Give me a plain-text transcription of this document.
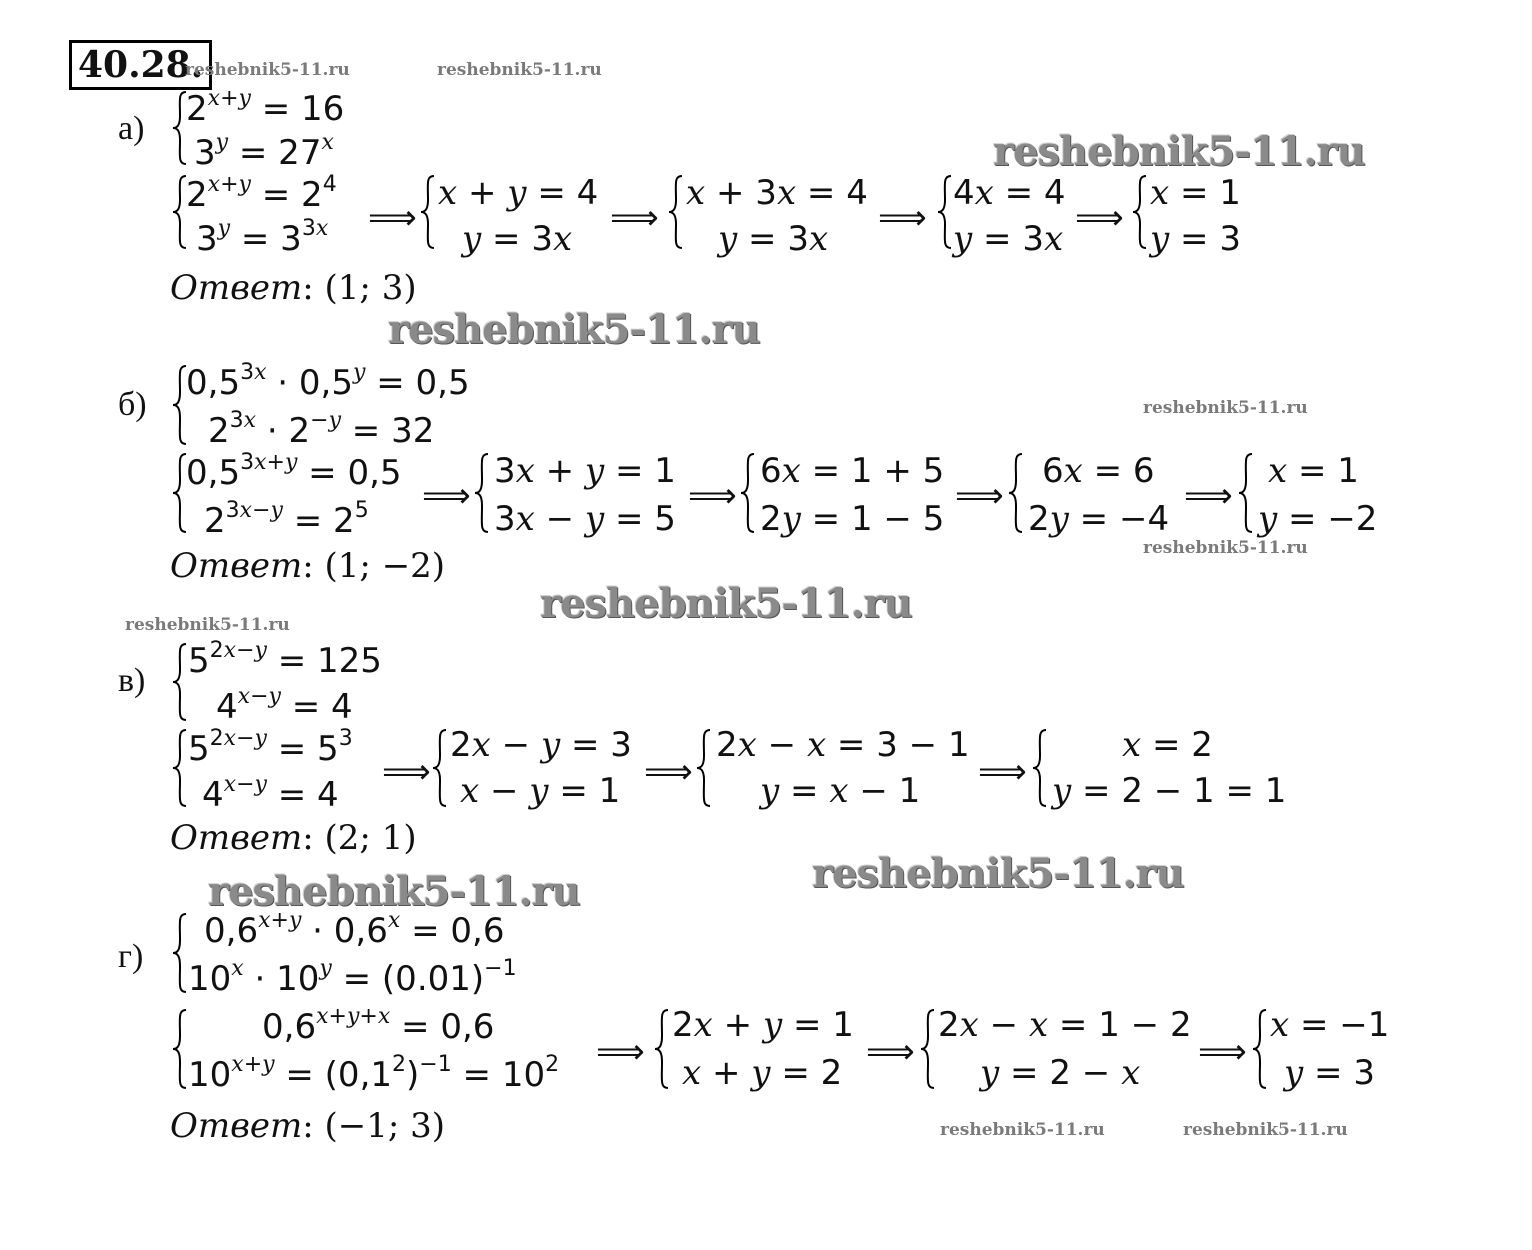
40.28.
reshebnik5-11.ru	reshebnik5-11.ru
reshebnik5-11.ru
reshebnik5-11.ru
reshebnik5-11.ru
reshebnik5-11.ru
reshebnik5-11.ru
reshebnik5-11.ru
reshebnik5-11.ru
reshebnik5-11.ru
reshebnik5-11.ru	reshebnik5-11.ru
а) $2^{x+y} = 16$
$3^y = 27^x$
$2^{x+y} = 2^4$
$3^y = 3^{3x}$ ⟹
x + y = 4
y = 3x
⟹
x + 3x = 4
y = 3x
⟹
4x = 4
y = 3x
⟹
x = 1
y = 3
Ответ: (1; 3)
б)
$0,5^{3x} \cdot 0,5^y = 0,5$
$2^{3x} \cdot 2^{-y} = 32$
$0,5^{3x+y} = 0,5$
$2^{3x-y} = 2^5$ ⟹
3x + y = 1
3x − y = 5
⟹
6x = 1 + 5
2y = 1 − 5
⟹
6x = 6
2y = −4
⟹
x = 1
y = −2
Ответ: (1; −2)
в) $5^{2x-y} = 125$
$4^{x-y} = 4$
$5^{2x-y} = 5^3$
$4^{x-y} = 4$
⟹
2x − y = 3
x − y = 1 ⟹
2x − x = 3 − 1
y = x − 1 ⟹
x = 2
y = 2 − 1 = 1
Ответ: (2; 1)
г)
$0,6^{x+y} \cdot 0,6^x = 0,6$
$10^x \cdot 10^y = (0.01)^{-1}$
$0,6^{x+y+x} = 0,6$
$10^{x+y} = (0,1^2)^{-1} = 10^2$ ⟹
2x + y = 1
x + y = 2
⟹
2x − x = 1 − 2
y = 2 − x
⟹
x = −1
y = 3
Ответ: (−1; 3)
